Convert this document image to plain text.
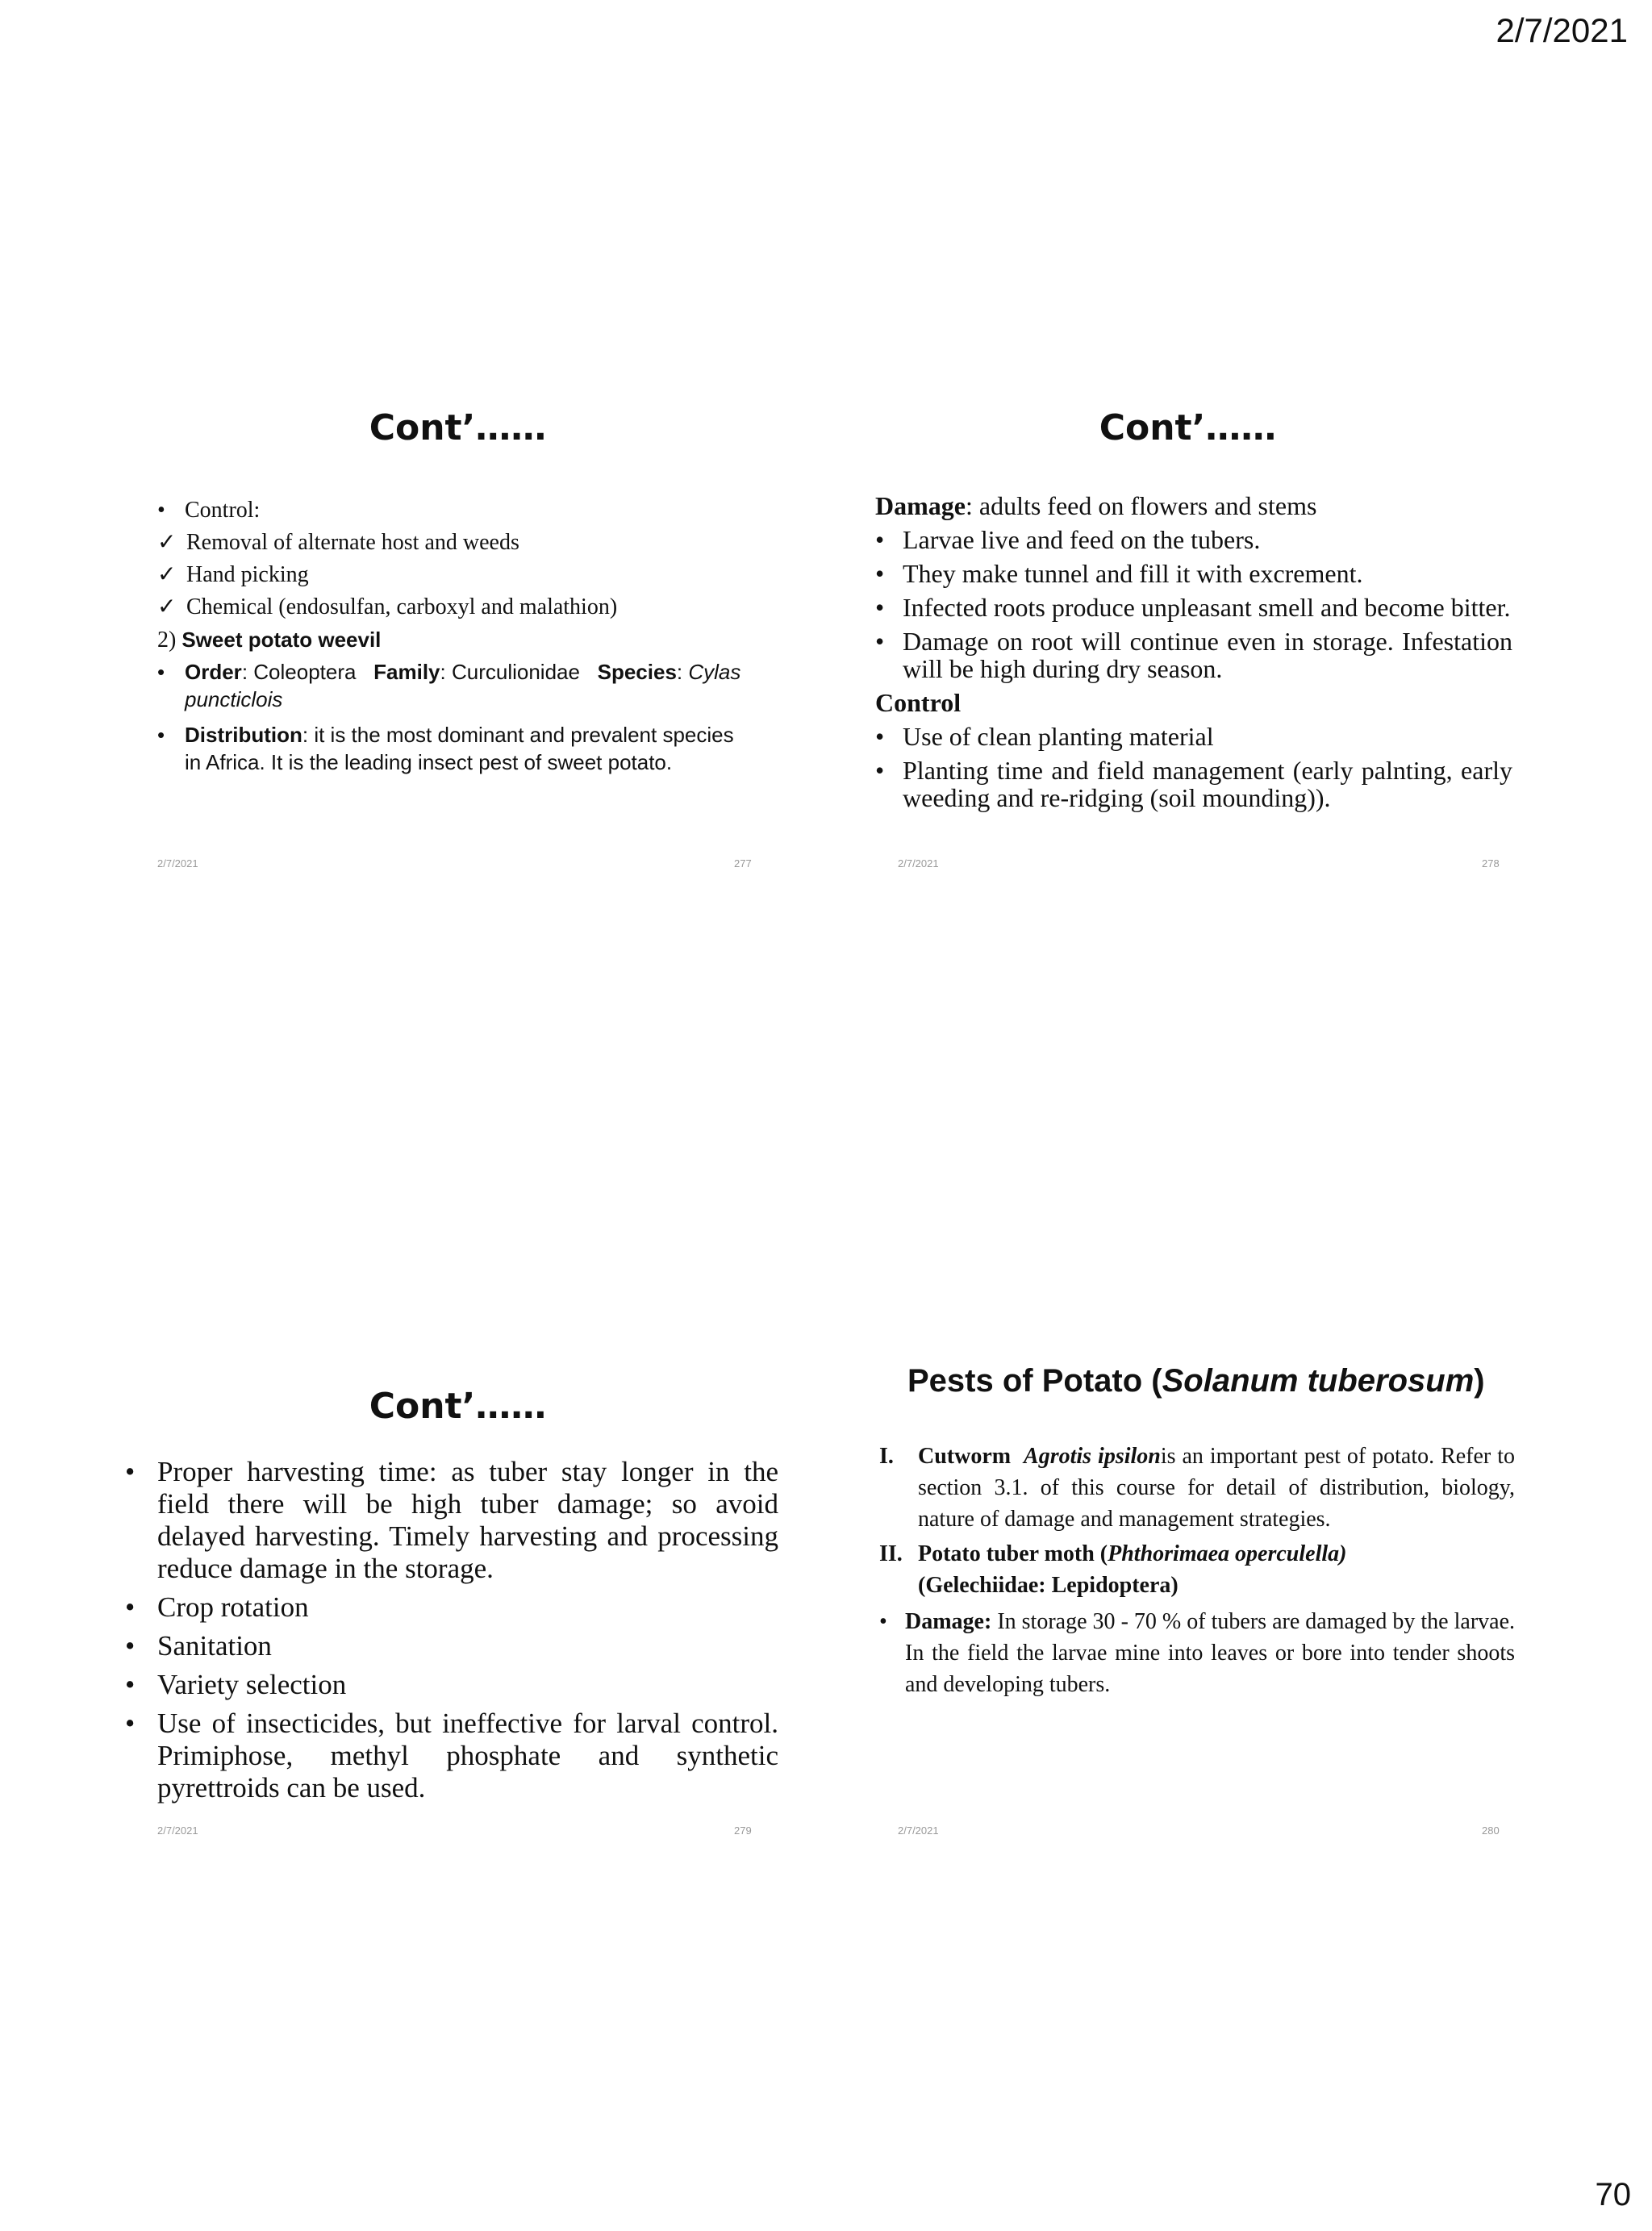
2/7/2021
Cont’……
• Control:
✓ Removal of alternate host and weeds
✓ Hand picking
✓ Chemical (endosulfan, carboxyl and malathion)
2) Sweet potato weevil
• Order: Coleoptera Family: Curculionidae Species: Cylas puncticlois
• Distribution: it is the most dominant and prevalent species in Africa. It is the leading insect pest of sweet potato.
2/7/2021	277
Cont’……
Damage: adults feed on flowers and stems
• Larvae live and feed on the tubers.
• They make tunnel and fill it with excrement.
• Infected roots produce unpleasant smell and become bitter.
• Damage on root will continue even in storage. Infestation will be high during dry season.
Control
• Use of clean planting material
• Planting time and field management (early palnting, early weeding and re-ridging (soil mounding)).
2/7/2021	278
Cont’……
• Proper harvesting time: as tuber stay longer in the field there will be high tuber damage; so avoid delayed harvesting. Timely harvesting and processing reduce damage in the storage.
• Crop rotation
• Sanitation
• Variety selection
• Use of insecticides, but ineffective for larval control. Primiphose, methyl phosphate and synthetic pyrettroids can be used.
2/7/2021	279
Pests of Potato (Solanum tuberosum)
I. Cutworm Agrotis ipsilonis an important pest of potato. Refer to section 3.1. of this course for detail of distribution, biology, nature of damage and management strategies.
II. Potato tuber moth (Phthorimaea operculella)
(Gelechiidae: Lepidoptera)
• Damage: In storage 30 - 70 % of tubers are damaged by the larvae. In the field the larvae mine into leaves or bore into tender shoots and developing tubers.
2/7/2021	280
70
